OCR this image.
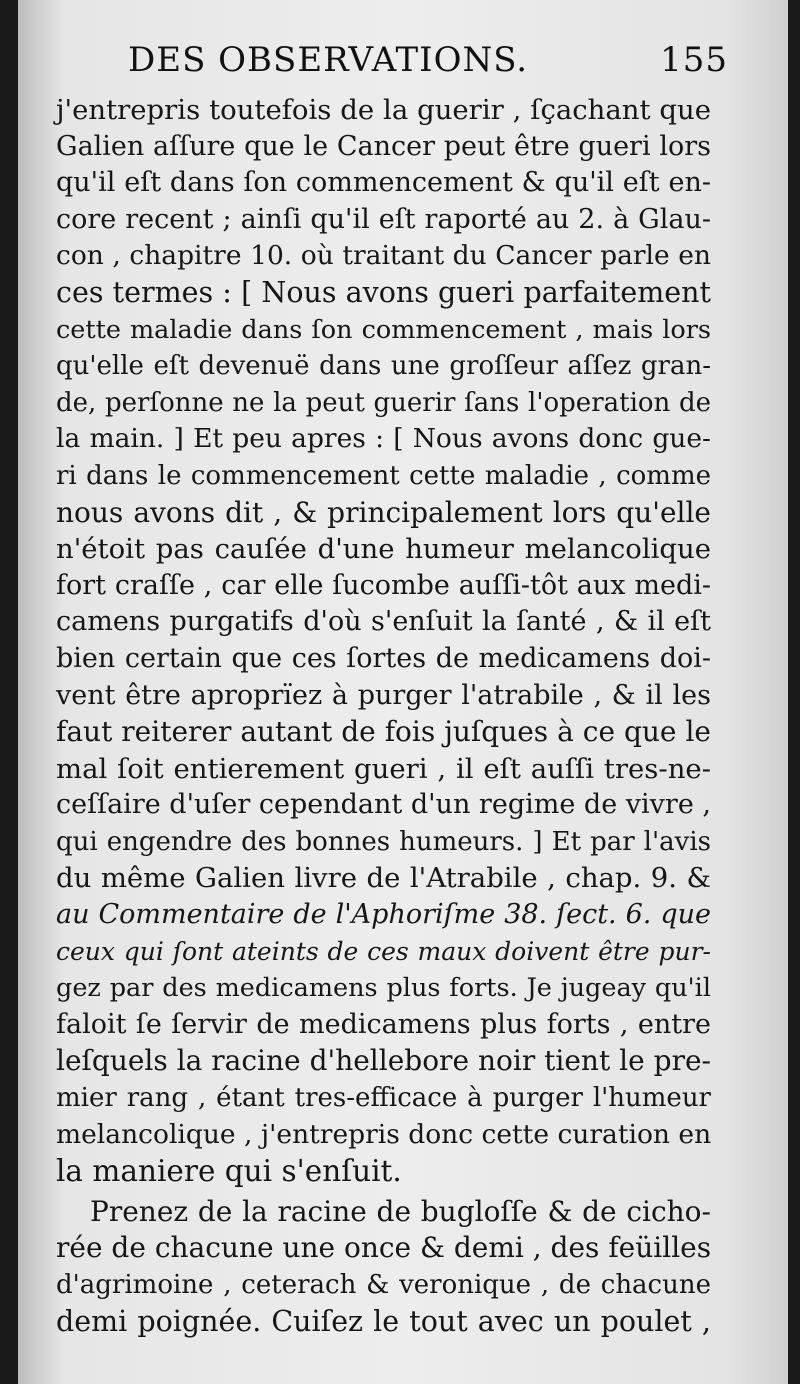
DES OBSERVATIONS.	155
j'entrepris toutefois de la guerir , ſçachant que
Galien aſſure que le Cancer peut être gueri lors
qu'il eſt dans ſon commencement & qu'il eſt en-
core recent ; ainſi qu'il eſt raporté au 2. à Glau-
con , chapitre 10. où traitant du Cancer parle en
ces termes : [ Nous avons gueri parfaitement
cette maladie dans ſon commencement , mais lors
qu'elle eſt devenuë dans une groſſeur aſſez gran-
de, perſonne ne la peut guerir ſans l'operation de
la main. ] Et peu apres : [ Nous avons donc gue-
ri dans le commencement cette maladie , comme
nous avons dit , & principalement lors qu'elle
n'étoit pas cauſée d'une humeur melancolique
fort craſſe , car elle ſucombe auſſi-tôt aux medi-
camens purgatifs d'où s'enſuit la ſanté , & il eſt
bien certain que ces ſortes de medicamens doi-
vent être aproprïez à purger l'atrabile , & il les
faut reiterer autant de fois juſques à ce que le
mal ſoit entierement gueri , il eſt auſſi tres-ne-
ceſſaire d'uſer cependant d'un regime de vivre ,
qui engendre des bonnes humeurs. ] Et par l'avis
du même Galien livre de l'Atrabile , chap. 9. &
au Commentaire de l'Aphoriſme 38. ſect. 6. que
ceux qui ſont ateints de ces maux doivent être pur-
gez par des medicamens plus forts. Je jugeay qu'il
faloit ſe ſervir de medicamens plus forts , entre
leſquels la racine d'hellebore noir tient le pre-
mier rang , étant tres-efficace à purger l'humeur
melancolique , j'entrepris donc cette curation en
la maniere qui s'enſuit.
Prenez de la racine de bugloſſe & de cicho-
rée de chacune une once & demi , des feüilles
d'agrimoine , ceterach & veronique , de chacune
demi poignée. Cuiſez le tout avec un poulet ,
